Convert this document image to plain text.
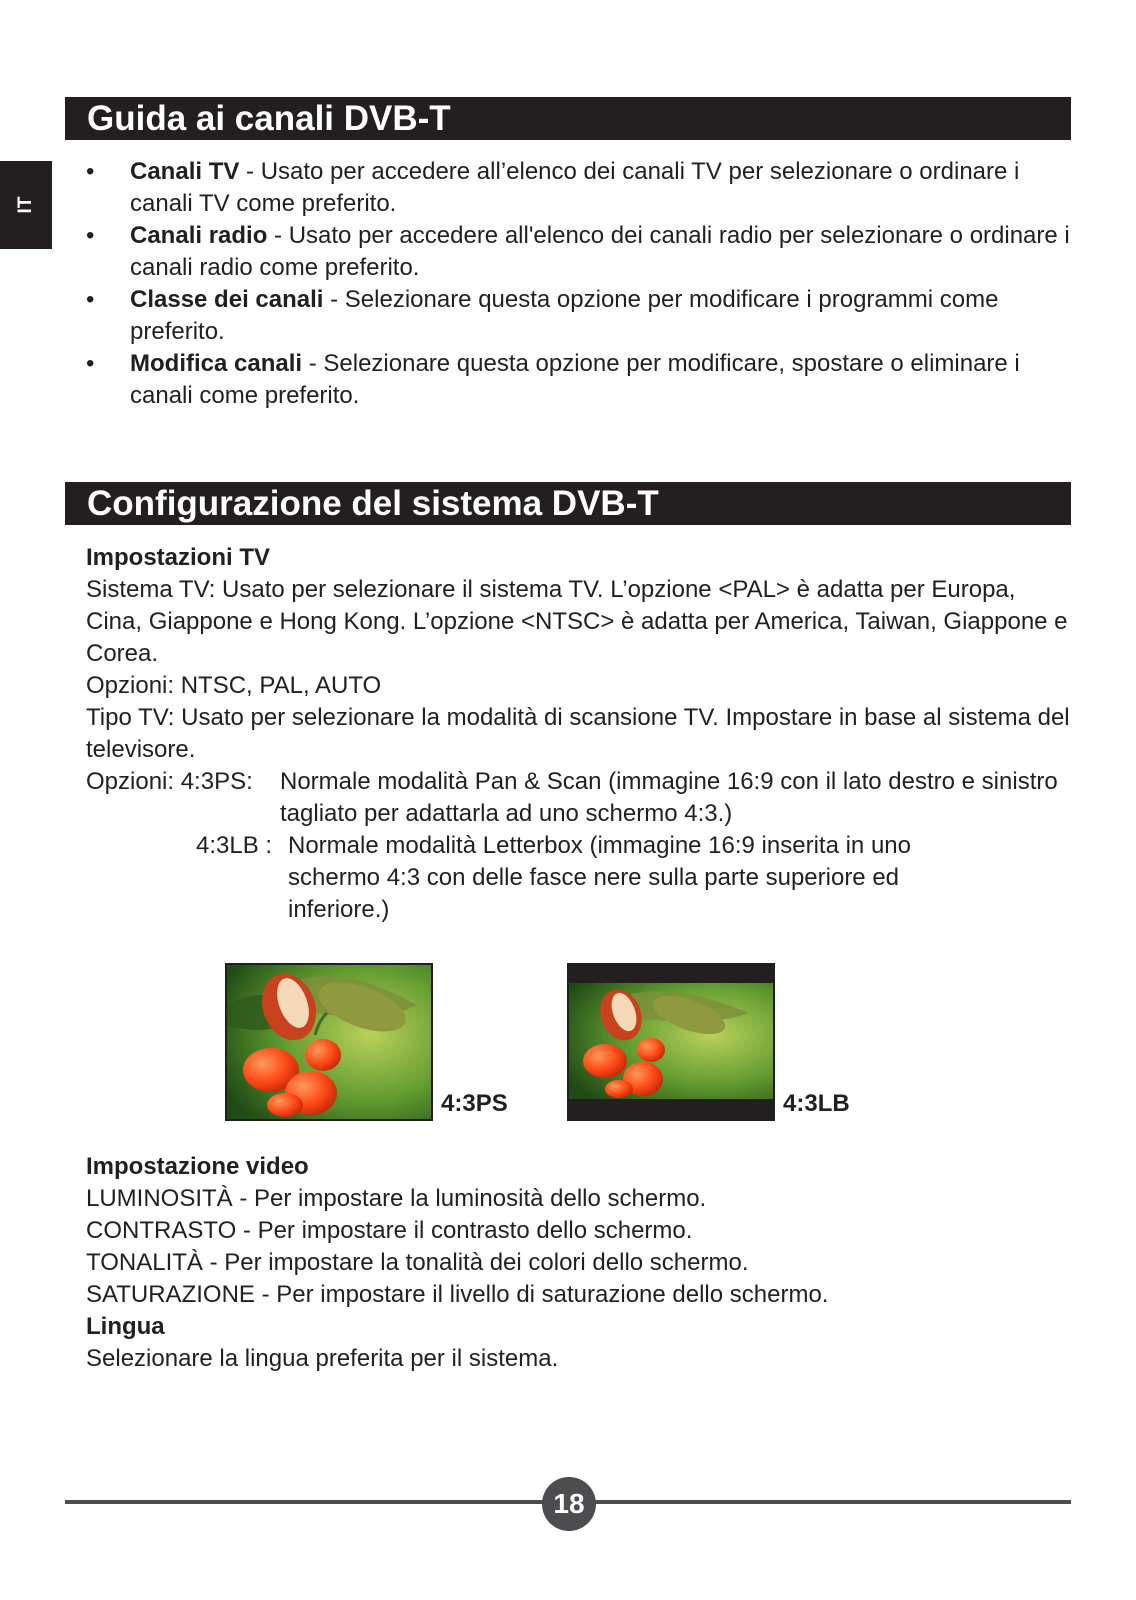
IT
Guida ai canali DVB-T
• Canali TV - Usato per accedere all’elenco dei canali TV per selezionare o ordinare i canali TV come preferito.
• Canali radio - Usato per accedere all'elenco dei canali radio per selezionare o ordinare i canali radio come preferito.
• Classe dei canali - Selezionare questa opzione per modificare i programmi come preferito.
• Modifica canali - Selezionare questa opzione per modificare, spostare o eliminare i canali come preferito.
Configurazione del sistema DVB-T

Impostazioni TV

Sistema TV: Usato per selezionare il sistema TV. L’opzione <PAL> è adatta per Europa, Cina, Giappone e Hong Kong. L’opzione <NTSC> è adatta per America, Taiwan, Giappone e Corea.

Opzioni: NTSC, PAL, AUTO

Tipo TV: Usato per selezionare la modalità di scansione TV. Impostare in base al sistema del televisore.

Opzioni: 4:3PS: Normale modalità Pan & Scan (immagine 16:9 con il lato destro e sinistro tagliato per adattarla ad uno schermo 4:3.)
4:3LB : Normale modalità Letterbox (immagine 16:9 inserita in uno schermo 4:3 con delle fasce nere sulla parte superiore ed inferiore.)
4:3PS	4:3LB

Impostazione video

LUMINOSITÀ - Per impostare la luminosità dello schermo.

CONTRASTO - Per impostare il contrasto dello schermo.

TONALITÀ - Per impostare la tonalità dei colori dello schermo.

SATURAZIONE - Per impostare il livello di saturazione dello schermo.

Lingua

Selezionare la lingua preferita per il sistema.

18
